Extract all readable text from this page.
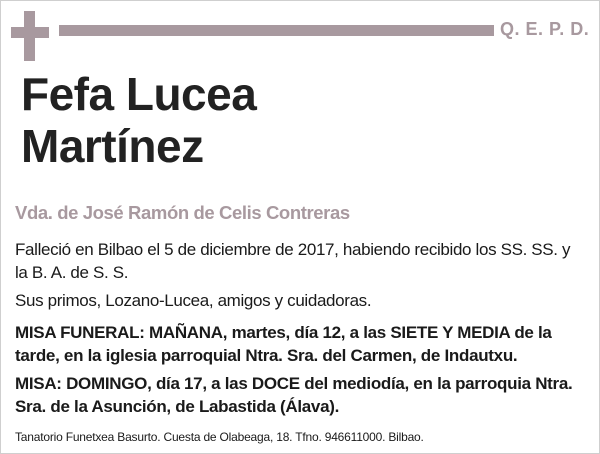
Q. E. P. D.
Fefa Lucea
Martínez
Vda. de José Ramón de Celis Contreras

Falleció en Bilbao el 5 de diciembre de 2017, habiendo recibido los SS. SS. y la B. A. de S. S.

Sus primos, Lozano-Lucea, amigos y cuidadoras.

MISA FUNERAL: MAÑANA, martes, día 12, a las SIETE Y MEDIA de la tarde, en la iglesia parroquial Ntra. Sra. del Carmen, de Indautxu.

MISA: DOMINGO, día 17, a las DOCE del mediodía, en la parroquia Ntra. Sra. de la Asunción, de Labastida (Álava).

Tanatorio Funetxea Basurto. Cuesta de Olabeaga, 18. Tfno. 946611000. Bilbao.
